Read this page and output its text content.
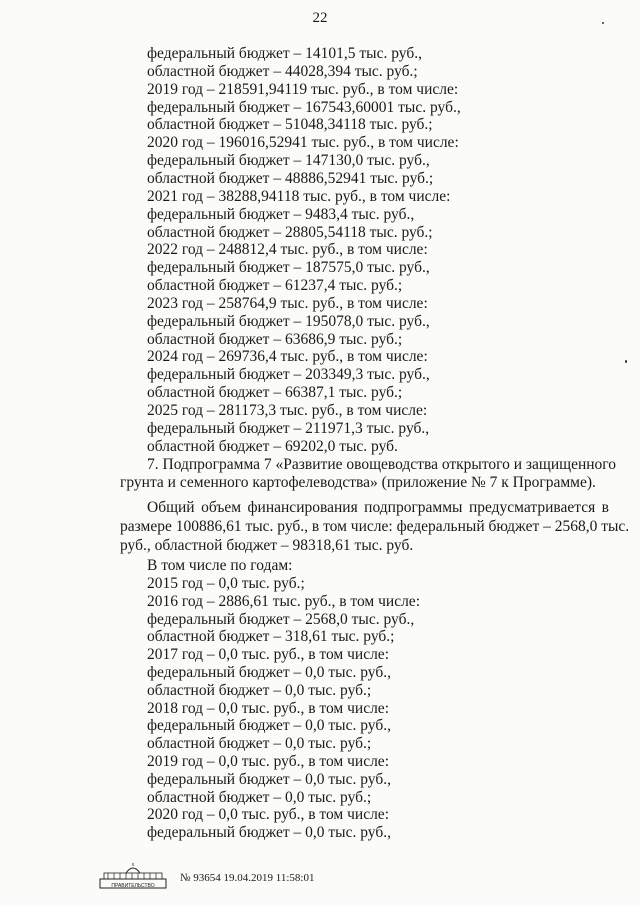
22
федеральный бюджет – 14101,5 тыс. руб.,
областной бюджет – 44028,394 тыс. руб.;
2019 год – 218591,94119 тыс. руб., в том числе:
федеральный бюджет – 167543,60001 тыс. руб.,
областной бюджет – 51048,34118 тыс. руб.;
2020 год – 196016,52941 тыс. руб., в том числе:
федеральный бюджет – 147130,0 тыс. руб.,
областной бюджет – 48886,52941 тыс. руб.;
2021 год – 38288,94118 тыс. руб., в том числе:
федеральный бюджет – 9483,4 тыс. руб.,
областной бюджет – 28805,54118 тыс. руб.;
2022 год – 248812,4 тыс. руб., в том числе:
федеральный бюджет – 187575,0 тыс. руб.,
областной бюджет – 61237,4 тыс. руб.;
2023 год – 258764,9 тыс. руб., в том числе:
федеральный бюджет – 195078,0 тыс. руб.,
областной бюджет – 63686,9 тыс. руб.;
2024 год – 269736,4 тыс. руб., в том числе:
федеральный бюджет – 203349,3 тыс. руб.,
областной бюджет – 66387,1 тыс. руб.;
2025 год – 281173,3 тыс. руб., в том числе:
федеральный бюджет – 211971,3 тыс. руб.,
областной бюджет – 69202,0 тыс. руб.
7. Подпрограмма 7 «Развитие овощеводства открытого и защищенного
грунта и семенного картофелеводства» (приложение № 7 к Программе).
Общий объем финансирования подпрограммы предусматривается в
размере 100886,61 тыс. руб., в том числе: федеральный бюджет – 2568,0 тыс.
руб., областной бюджет – 98318,61 тыс. руб.
В том числе по годам:
2015 год – 0,0 тыс. руб.;
2016 год – 2886,61 тыс. руб., в том числе:
федеральный бюджет – 2568,0 тыс. руб.,
областной бюджет – 318,61 тыс. руб.;
2017 год – 0,0 тыс. руб., в том числе:
федеральный бюджет – 0,0 тыс. руб.,
областной бюджет – 0,0 тыс. руб.;
2018 год – 0,0 тыс. руб., в том числе:
федеральный бюджет – 0,0 тыс. руб.,
областной бюджет – 0,0 тыс. руб.;
2019 год – 0,0 тыс. руб., в том числе:
федеральный бюджет – 0,0 тыс. руб.,
областной бюджет – 0,0 тыс. руб.;
2020 год – 0,0 тыс. руб., в том числе:
федеральный бюджет – 0,0 тыс. руб.,
ПРАВИТЕЛЬСТВО
№ 93654 19.04.2019 11:58:01
